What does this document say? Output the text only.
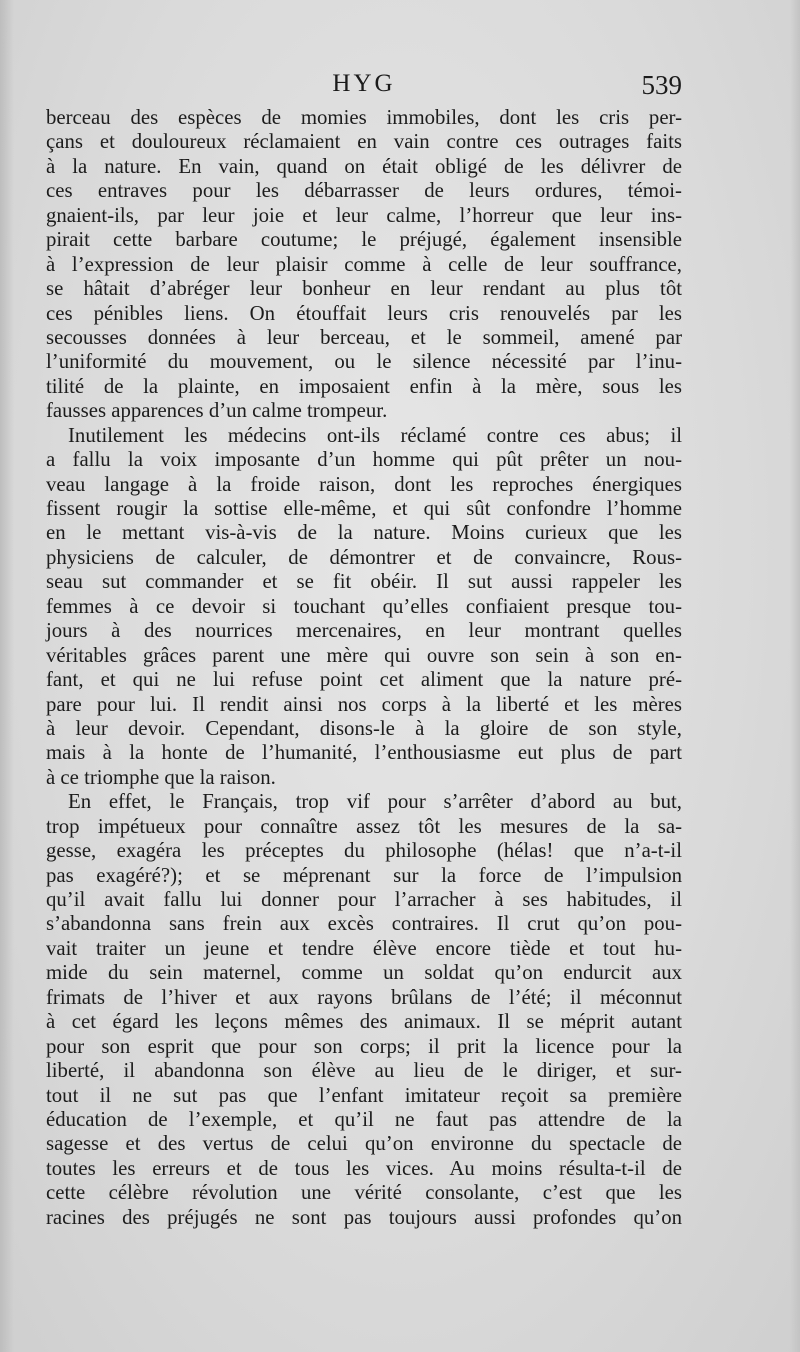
HYG	539
berceau des espèces de momies immobiles, dont les cris per-
çans et douloureux réclamaient en vain contre ces outrages faits
à la nature. En vain, quand on était obligé de les délivrer de
ces entraves pour les débarrasser de leurs ordures, témoi-
gnaient-ils, par leur joie et leur calme, l’horreur que leur ins-
pirait cette barbare coutume; le préjugé, également insensible
à l’expression de leur plaisir comme à celle de leur souffrance,
se hâtait d’abréger leur bonheur en leur rendant au plus tôt
ces pénibles liens. On étouffait leurs cris renouvelés par les
secousses données à leur berceau, et le sommeil, amené par
l’uniformité du mouvement, ou le silence nécessité par l’inu-
tilité de la plainte, en imposaient enfin à la mère, sous les
fausses apparences d’un calme trompeur.
Inutilement les médecins ont-ils réclamé contre ces abus; il
a fallu la voix imposante d’un homme qui pût prêter un nou-
veau langage à la froide raison, dont les reproches énergiques
fissent rougir la sottise elle-même, et qui sût confondre l’homme
en le mettant vis-à-vis de la nature. Moins curieux que les
physiciens de calculer, de démontrer et de convaincre, Rous-
seau sut commander et se fit obéir. Il sut aussi rappeler les
femmes à ce devoir si touchant qu’elles confiaient presque tou-
jours à des nourrices mercenaires, en leur montrant quelles
véritables grâces parent une mère qui ouvre son sein à son en-
fant, et qui ne lui refuse point cet aliment que la nature pré-
pare pour lui. Il rendit ainsi nos corps à la liberté et les mères
à leur devoir. Cependant, disons-le à la gloire de son style,
mais à la honte de l’humanité, l’enthousiasme eut plus de part
à ce triomphe que la raison.
En effet, le Français, trop vif pour s’arrêter d’abord au but,
trop impétueux pour connaître assez tôt les mesures de la sa-
gesse, exagéra les préceptes du philosophe (hélas! que n’a-t-il
pas exagéré?); et se méprenant sur la force de l’impulsion
qu’il avait fallu lui donner pour l’arracher à ses habitudes, il
s’abandonna sans frein aux excès contraires. Il crut qu’on pou-
vait traiter un jeune et tendre élève encore tiède et tout hu-
mide du sein maternel, comme un soldat qu’on endurcit aux
frimats de l’hiver et aux rayons brûlans de l’été; il méconnut
à cet égard les leçons mêmes des animaux. Il se méprit autant
pour son esprit que pour son corps; il prit la licence pour la
liberté, il abandonna son élève au lieu de le diriger, et sur-
tout il ne sut pas que l’enfant imitateur reçoit sa première
éducation de l’exemple, et qu’il ne faut pas attendre de la
sagesse et des vertus de celui qu’on environne du spectacle de
toutes les erreurs et de tous les vices. Au moins résulta-t-il de
cette célèbre révolution une vérité consolante, c’est que les
racines des préjugés ne sont pas toujours aussi profondes qu’on
